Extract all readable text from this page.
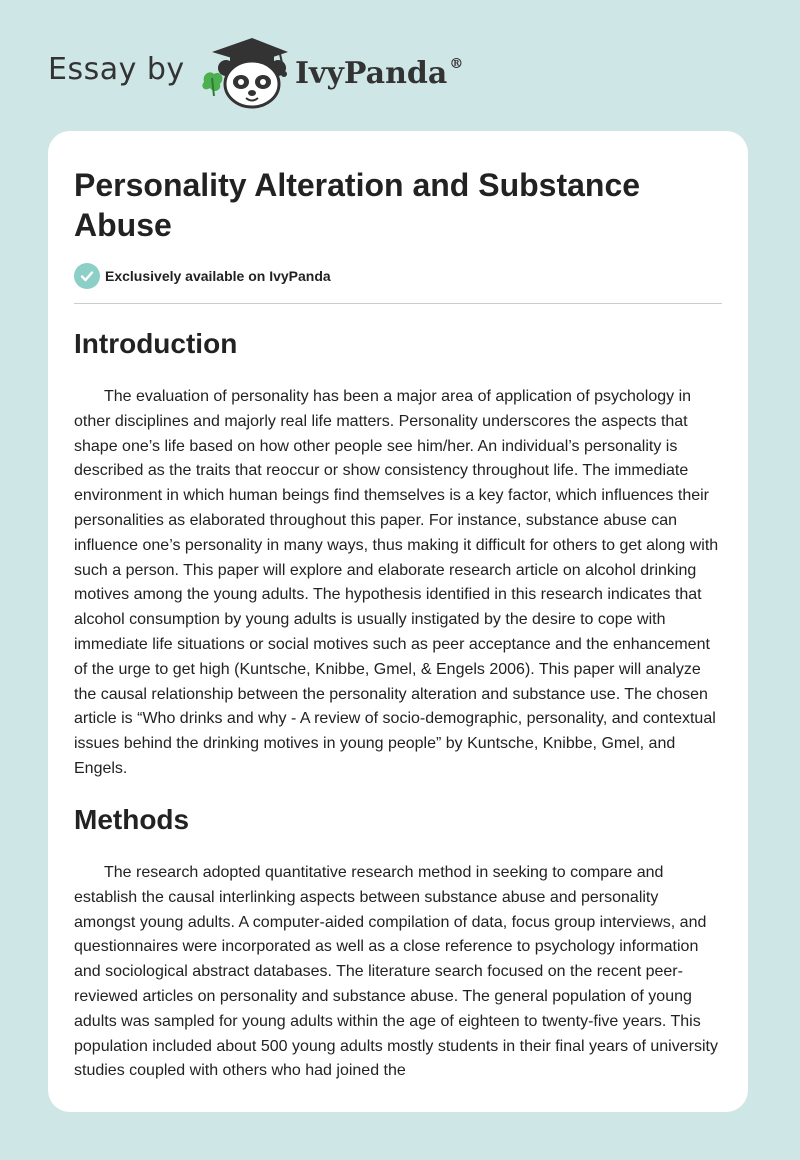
Essay by	IvyPanda ®
Personality Alteration and Substance Abuse
Exclusively available on IvyPanda
Introduction

The evaluation of personality has been a major area of application of psychology in other disciplines and majorly real life matters. Personality underscores the aspects that shape one’s life based on how other people see him/her. An individual’s personality is described as the traits that reoccur or show consistency throughout life. The immediate environment in which human beings find themselves is a key factor, which influences their personalities as elaborated throughout this paper. For instance, substance abuse can influence one’s personality in many ways, thus making it difficult for others to get along with such a person. This paper will explore and elaborate research article on alcohol drinking motives among the young adults. The hypothesis identified in this research indicates that alcohol consumption by young adults is usually instigated by the desire to cope with immediate life situations or social motives such as peer acceptance and the enhancement of the urge to get high (Kuntsche, Knibbe, Gmel, & Engels 2006). This paper will analyze the causal relationship between the personality alteration and substance use. The chosen article is “Who drinks and why - A review of socio-demographic, personality, and contextual issues behind the drinking motives in young people” by Kuntsche, Knibbe, Gmel, and Engels.

Methods

The research adopted quantitative research method in seeking to compare and establish the causal interlinking aspects between substance abuse and personality amongst young adults. A computer-aided compilation of data, focus group interviews, and questionnaires were incorporated as well as a close reference to psychology information and sociological abstract databases. The literature search focused on the recent peer-reviewed articles on personality and substance abuse. The general population of young adults was sampled for young adults within the age of eighteen to twenty-five years. This population included about 500 young adults mostly students in their final years of university studies coupled with others who had joined the
